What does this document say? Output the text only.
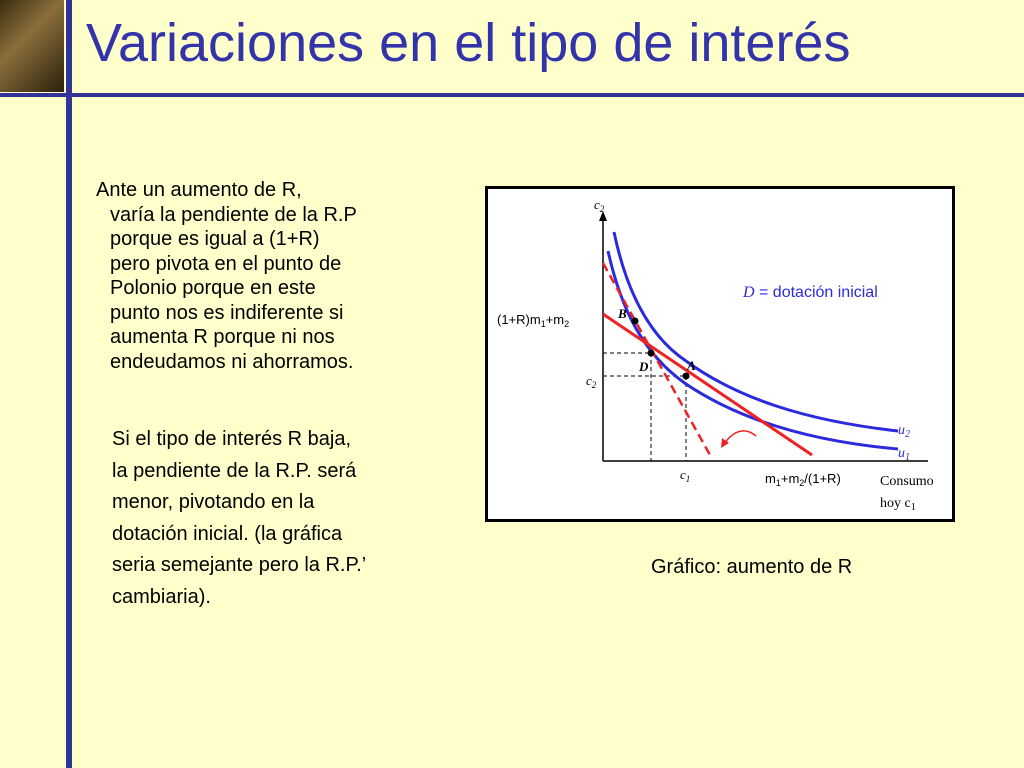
Variaciones en el tipo de interés
Ante un aumento de R,
varía la pendiente de la R.P
porque es igual a (1+R)
pero pivota en el punto de
Polonio porque en este
punto nos es indiferente si
aumenta R porque ni nos
endeudamos ni ahorramos.
Si el tipo de interés R baja,
la pendiente de la R.P. será
menor, pivotando en la
dotación inicial. (la gráfica
seria semejante pero la R.P.’
cambiaria).
B
D	A
$c_2$
$c_2$
$c_1$	Consumo
hoy $c_1$
$u_2$
$u_1$
D = dotación inicial
$(1+R)m_1+m_2$
$m_1+m_2/(1+R)$
Gráfico: aumento de R
